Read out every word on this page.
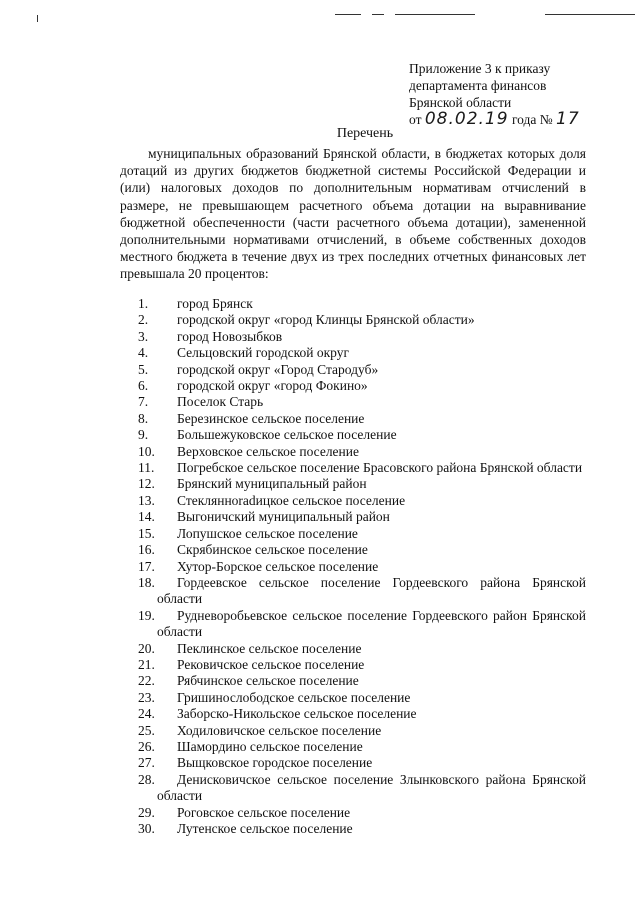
Приложение 3 к приказу
департамента финансов
Брянской области
от 08.02.19 года № 17
Перечень
муниципальных образований Брянской области, в бюджетах которых доля дотаций из других бюджетов бюджетной системы Российской Федерации и (или) налоговых доходов по дополнительным нормативам отчислений в размере, не превышающем расчетного объема дотации на выравнивание бюджетной обеспеченности (части расчетного объема дотации), замененной дополнительными нормативами отчислений, в объеме собственных доходов местного бюджета в течение двух из трех последних отчетных финансовых лет превышала 20 процентов:
1.	город Брянск
2.	городской округ «город Клинцы Брянской области»
3.	город Новозыбков
4.	Сельцовский городской округ
5.	городской округ «Город Стародуб»
6.	городской округ «город Фокино»
7.	Поселок Старь
8.	Березинское сельское поселение
9.	Большежуковское сельское поселение
10.	Верховское сельское поселение
11.	Погребское сельское поселение Брасовского района Брянской области
12.	Брянский муниципальный район
13.	Стеклянноradицкое сельское поселение
14.	Выгоничский муниципальный район
15.	Лопушское сельское поселение
16.	Скрябинское сельское поселение
17.	Хутор-Борское сельское поселение
18.	Гордеевское сельское поселение Гордеевского района Брянской области
19.	Рудневоробьевское сельское поселение Гордеевского район Брянской области
20.	Пеклинское сельское поселение
21.	Рековичское сельское поселение
22.	Рябчинское сельское поселение
23.	Гришинослободское сельское поселение
24.	Заборско-Никольское сельское поселение
25.	Ходиловичское сельское поселение
26.	Шамордино сельское поселение
27.	Выщковское городское поселение
28.	Денисковичское сельское поселение Злынковского района Брянской области
29.	Роговское сельское поселение
30.	Лутенское сельское поселение
